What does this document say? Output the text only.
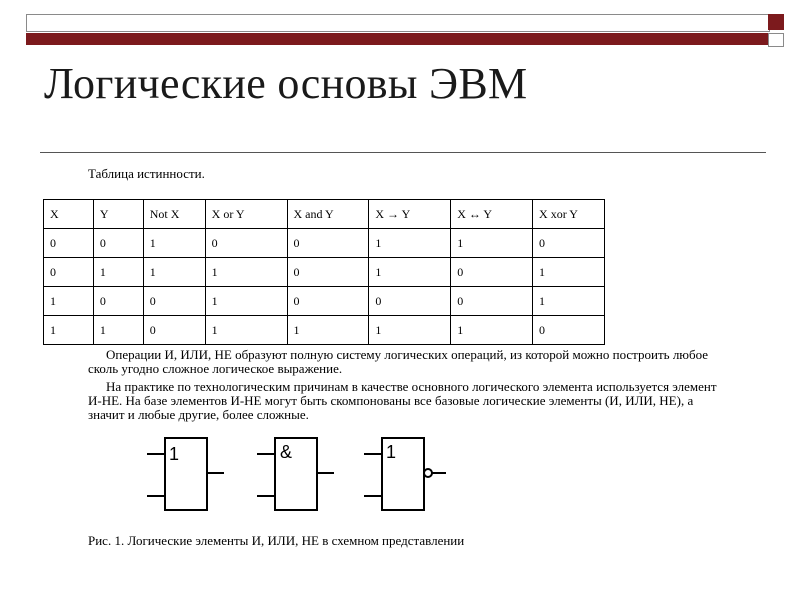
Логические основы ЭВМ
Таблица истинности.
X	Y	Not X	X or Y	X and Y	X → Y	X ↔ Y	X xor Y
0	0	1	0	0	1	1	0
0	1	1	1	0	1	0	1
1	0	0	1	0	0	0	1
1	1	0	1	1	1	1	0
Операции И, ИЛИ, НЕ образуют полную систему логических операций, из которой можно построить любое сколь угодно сложное логическое выражение.
На практике по технологическим причинам в качестве основного логического элемента используется элемент И-НЕ. На базе элементов И-НЕ могут быть скомпонованы все базовые логические элементы (И, ИЛИ, НЕ), а значит и любые другие, более сложные.
1	&	1
Рис. 1. Логические элементы И, ИЛИ, НЕ в схемном представлении
